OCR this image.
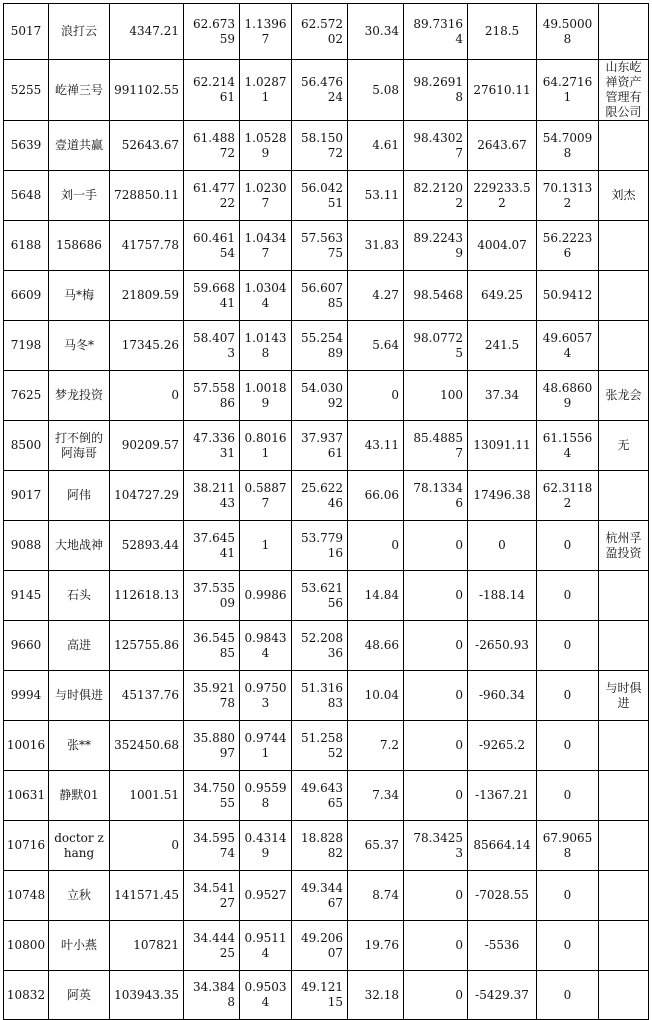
5017	浪打云	4347.21	62.67359	1.13967	62.57202	30.34	89.73164	218.5	49.50008	
5255	屹禅三号	991102.55	62.21461	1.02871	56.47624	5.08	98.26918	27610.11	64.27161	山东屹禅资产管理有限公司
5639	壹道共赢	52643.67	61.48872	1.05289	58.15072	4.61	98.43027	2643.67	54.70098	
5648	刘一手	728850.11	61.47722	1.02307	56.04251	53.11	82.21202	229233.52	70.13132	刘杰
6188	158686	41757.78	60.46154	1.04347	57.56375	31.83	89.22439	4004.07	56.22236	
6609	马*梅	21809.59	59.66841	1.03044	56.60785	4.27	98.5468	649.25	50.9412	
7198	马冬*	17345.26	58.4073	1.01438	55.25489	5.64	98.07725	241.5	49.60574	
7625	梦龙投资	0	57.55886	1.00189	54.03092	0	100	37.34	48.68609	张龙会
8500	打不倒的阿海哥	90209.57	47.33631	0.80161	37.93761	43.11	85.48857	13091.11	61.15564	无
9017	阿伟	104727.29	38.21143	0.58877	25.62246	66.06	78.13346	17496.38	62.31182	
9088	大地战神	52893.44	37.64541	1	53.77916	0	0	0	0	杭州孚盈投资
9145	石头	112618.13	37.53509	0.9986	53.62156	14.84	0	-188.14	0	
9660	高进	125755.86	36.54585	0.98434	52.20836	48.66	0	-2650.93	0	
9994	与时俱进	45137.76	35.92178	0.97503	51.31683	10.04	0	-960.34	0	与时俱进
10016	张**	352450.68	35.88097	0.97441	51.25852	7.2	0	-9265.2	0	
10631	静默01	1001.51	34.75055	0.95598	49.64365	7.34	0	-1367.21	0	
10716	doctor zhang	0	34.59574	0.43149	18.82882	65.37	78.34253	85664.14	67.90658	
10748	立秋	141571.45	34.54127	0.9527	49.34467	8.74	0	-7028.55	0	
10800	叶小燕	107821	34.44425	0.95114	49.20607	19.76	0	-5536	0	
10832	阿英	103943.35	34.3848	0.95034	49.12115	32.18	0	-5429.37	0	
